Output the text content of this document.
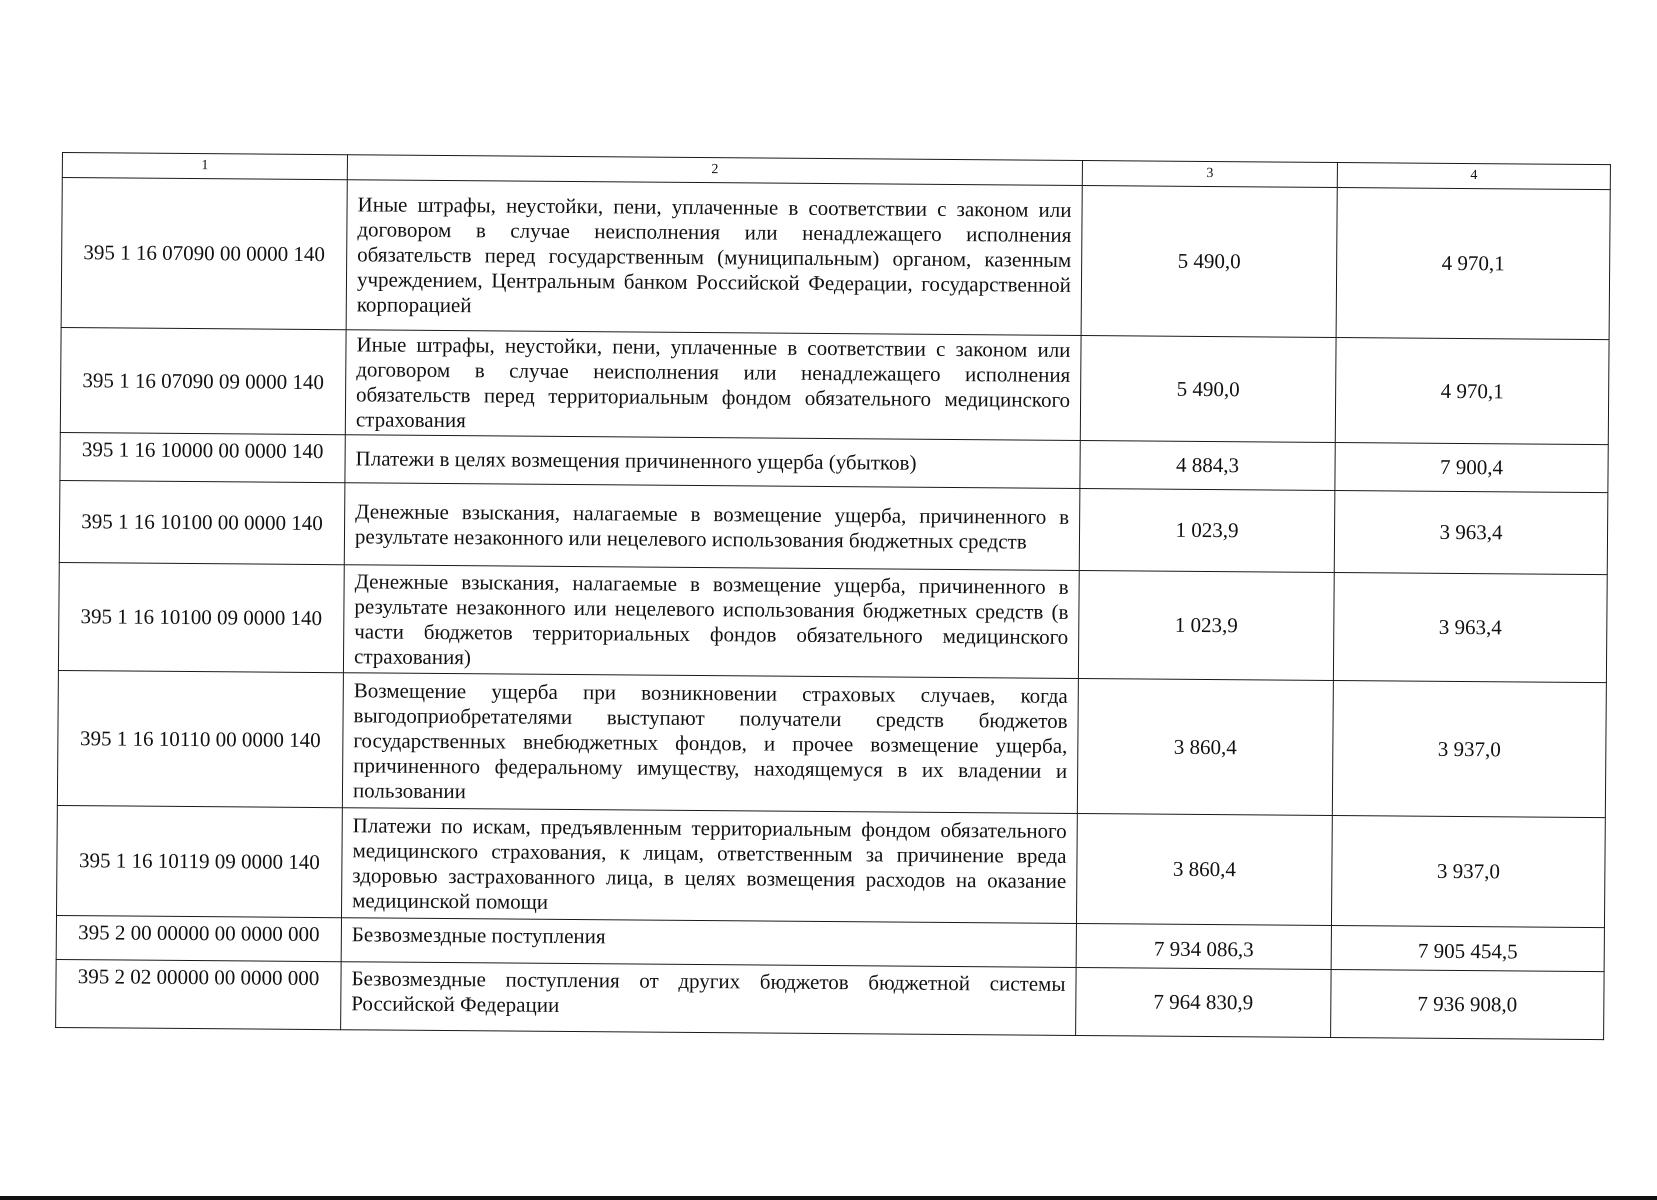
1	2	3	4
395 1 16 07090 00 0000 140	Иные штрафы, неустойки, пени, уплаченные в соответствии с законом или договором в случае неисполнения или ненадлежащего исполнения обязательств перед государственным (муниципальным) органом, казенным учреждением, Центральным банком Российской Федерации, государственной корпорацией	5 490,0	4 970,1
395 1 16 07090 09 0000 140	Иные штрафы, неустойки, пени, уплаченные в соответствии с законом или договором в случае неисполнения или ненадлежащего исполнения обязательств перед территориальным фондом обязательного медицинского страхования	5 490,0	4 970,1
395 1 16 10000 00 0000 140	Платежи в целях возмещения причиненного ущерба (убытков)	4 884,3	7 900,4
395 1 16 10100 00 0000 140	Денежные взыскания, налагаемые в возмещение ущерба, причиненного в результате незаконного или нецелевого использования бюджетных средств	1 023,9	3 963,4
395 1 16 10100 09 0000 140	Денежные взыскания, налагаемые в возмещение ущерба, причиненного в результате незаконного или нецелевого использования бюджетных средств (в части бюджетов территориальных фондов обязательного медицинского страхования)	1 023,9	3 963,4
395 1 16 10110 00 0000 140	Возмещение ущерба при возникновении страховых случаев, когда выгодоприобретателями выступают получатели средств бюджетов государственных внебюджетных фондов, и прочее возмещение ущерба, причиненного федеральному имуществу, находящемуся в их владении и пользовании	3 860,4	3 937,0
395 1 16 10119 09 0000 140	Платежи по искам, предъявленным территориальным фондом обязательного медицинского страхования, к лицам, ответственным за причинение вреда здоровью застрахованного лица, в целях возмещения расходов на оказание медицинской помощи	3 860,4	3 937,0
395 2 00 00000 00 0000 000	Безвозмездные поступления	7 934 086,3	7 905 454,5
395 2 02 00000 00 0000 000	Безвозмездные поступления от других бюджетов бюджетной системы Российской Федерации	7 964 830,9	7 936 908,0
